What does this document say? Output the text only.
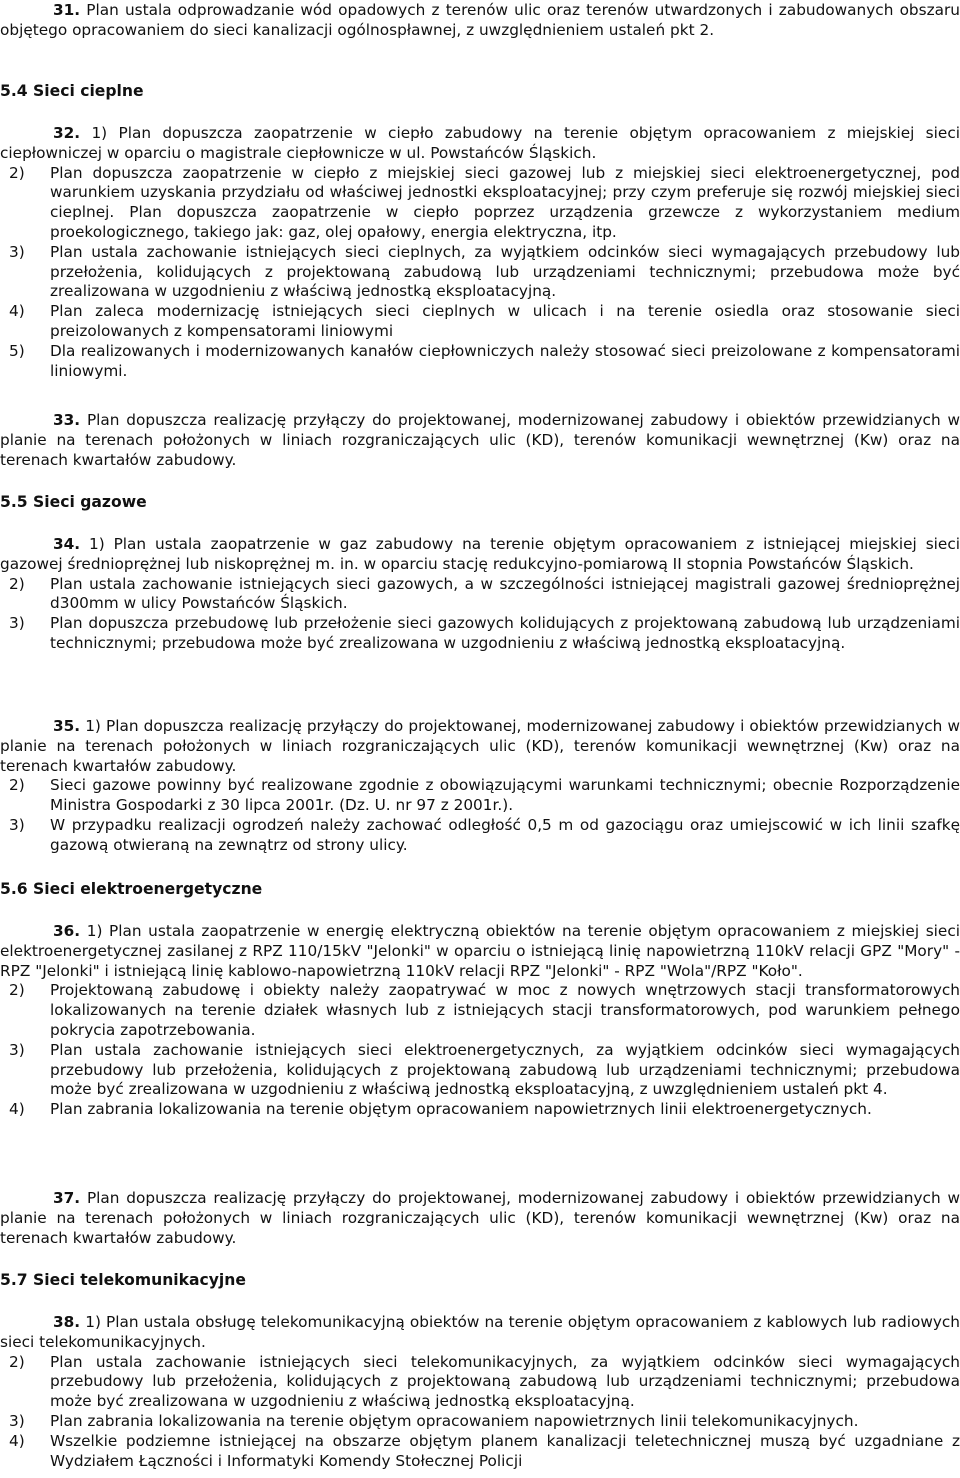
31. Plan ustala odprowadzanie wód opadowych z terenów ulic oraz terenów utwardzonych i zabudowanych obszaru objętego opracowaniem do sieci kanalizacji ogólnospławnej, z uwzględnieniem ustaleń pkt 2.

5.4 Sieci cieplne

32. 1) Plan dopuszcza zaopatrzenie w ciepło zabudowy na terenie objętym opracowaniem z miejskiej sieci ciepłowniczej w oparciu o magistrale ciepłownicze w ul. Powstańców Śląskich.

2) Plan dopuszcza zaopatrzenie w ciepło z miejskiej sieci gazowej lub z miejskiej sieci elektroenergetycznej, pod warunkiem uzyskania przydziału od właściwej jednostki eksploatacyjnej; przy czym preferuje się rozwój miejskiej sieci cieplnej. Plan dopuszcza zaopatrzenie w ciepło poprzez urządzenia grzewcze z wykorzystaniem medium proekologicznego, takiego jak: gaz, olej opałowy, energia elektryczna, itp.
3) Plan ustala zachowanie istniejących sieci cieplnych, za wyjątkiem odcinków sieci wymagających przebudowy lub przełożenia, kolidujących z projektowaną zabudową lub urządzeniami technicznymi; przebudowa może być zrealizowana w uzgodnieniu z właściwą jednostką eksploatacyjną.
4) Plan zaleca modernizację istniejących sieci cieplnych w ulicach i na terenie osiedla oraz stosowanie sieci preizolowanych z kompensatorami liniowymi
5) Dla realizowanych i modernizowanych kanałów ciepłowniczych należy stosować sieci preizolowane z kompensatorami liniowymi.

33. Plan dopuszcza realizację przyłączy do projektowanej, modernizowanej zabudowy i obiektów przewidzianych w planie na terenach położonych w liniach rozgraniczających ulic (KD), terenów komunikacji wewnętrznej (Kw) oraz na terenach kwartałów zabudowy.

5.5 Sieci gazowe

34. 1) Plan ustala zaopatrzenie w gaz zabudowy na terenie objętym opracowaniem z istniejącej miejskiej sieci gazowej średnioprężnej lub niskoprężnej m. in. w oparciu stację redukcyjno-pomiarową II stopnia Powstańców Śląskich.

2) Plan ustala zachowanie istniejących sieci gazowych, a w szczególności istniejącej magistrali gazowej średnioprężnej d300mm w ulicy Powstańców Śląskich.
3) Plan dopuszcza przebudowę lub przełożenie sieci gazowych kolidujących z projektowaną zabudową lub urządzeniami technicznymi; przebudowa może być zrealizowana w uzgodnieniu z właściwą jednostką eksploatacyjną.

35. 1) Plan dopuszcza realizację przyłączy do projektowanej, modernizowanej zabudowy i obiektów przewidzianych w planie na terenach położonych w liniach rozgraniczających ulic (KD), terenów komunikacji wewnętrznej (Kw) oraz na terenach kwartałów zabudowy.

2) Sieci gazowe powinny być realizowane zgodnie z obowiązującymi warunkami technicznymi; obecnie Rozporządzenie Ministra Gospodarki z 30 lipca 2001r. (Dz. U. nr 97 z 2001r.).
3) W przypadku realizacji ogrodzeń należy zachować odległość 0,5 m od gazociągu oraz umiejscowić w ich linii szafkę gazową otwieraną na zewnątrz od strony ulicy.

5.6 Sieci elektroenergetyczne

36. 1) Plan ustala zaopatrzenie w energię elektryczną obiektów na terenie objętym opracowaniem z miejskiej sieci elektroenergetycznej zasilanej z RPZ 110/15kV "Jelonki" w oparciu o istniejącą linię napowietrzną 110kV relacji GPZ "Mory" - RPZ "Jelonki" i istniejącą linię kablowo-napowietrzną 110kV relacji RPZ "Jelonki" - RPZ "Wola"/RPZ "Koło".

2) Projektowaną zabudowę i obiekty należy zaopatrywać w moc z nowych wnętrzowych stacji transformatorowych lokalizowanych na terenie działek własnych lub z istniejących stacji transformatorowych, pod warunkiem pełnego pokrycia zapotrzebowania.
3) Plan ustala zachowanie istniejących sieci elektroenergetycznych, za wyjątkiem odcinków sieci wymagających przebudowy lub przełożenia, kolidujących z projektowaną zabudową lub urządzeniami technicznymi; przebudowa może być zrealizowana w uzgodnieniu z właściwą jednostką eksploatacyjną, z uwzględnieniem ustaleń pkt 4.
4) Plan zabrania lokalizowania na terenie objętym opracowaniem napowietrznych linii elektroenergetycznych.

37. Plan dopuszcza realizację przyłączy do projektowanej, modernizowanej zabudowy i obiektów przewidzianych w planie na terenach położonych w liniach rozgraniczających ulic (KD), terenów komunikacji wewnętrznej (Kw) oraz na terenach kwartałów zabudowy.

5.7 Sieci telekomunikacyjne

38. 1) Plan ustala obsługę telekomunikacyjną obiektów na terenie objętym opracowaniem z kablowych lub radiowych sieci telekomunikacyjnych.

2) Plan ustala zachowanie istniejących sieci telekomunikacyjnych, za wyjątkiem odcinków sieci wymagających przebudowy lub przełożenia, kolidujących z projektowaną zabudową lub urządzeniami technicznymi; przebudowa może być zrealizowana w uzgodnieniu z właściwą jednostką eksploatacyjną.
3) Plan zabrania lokalizowania na terenie objętym opracowaniem napowietrznych linii telekomunikacyjnych.
4) Wszelkie podziemne istniejącej na obszarze objętym planem kanalizacji teletechnicznej muszą być uzgadniane z Wydziałem Łączności i Informatyki Komendy Stołecznej Policji
